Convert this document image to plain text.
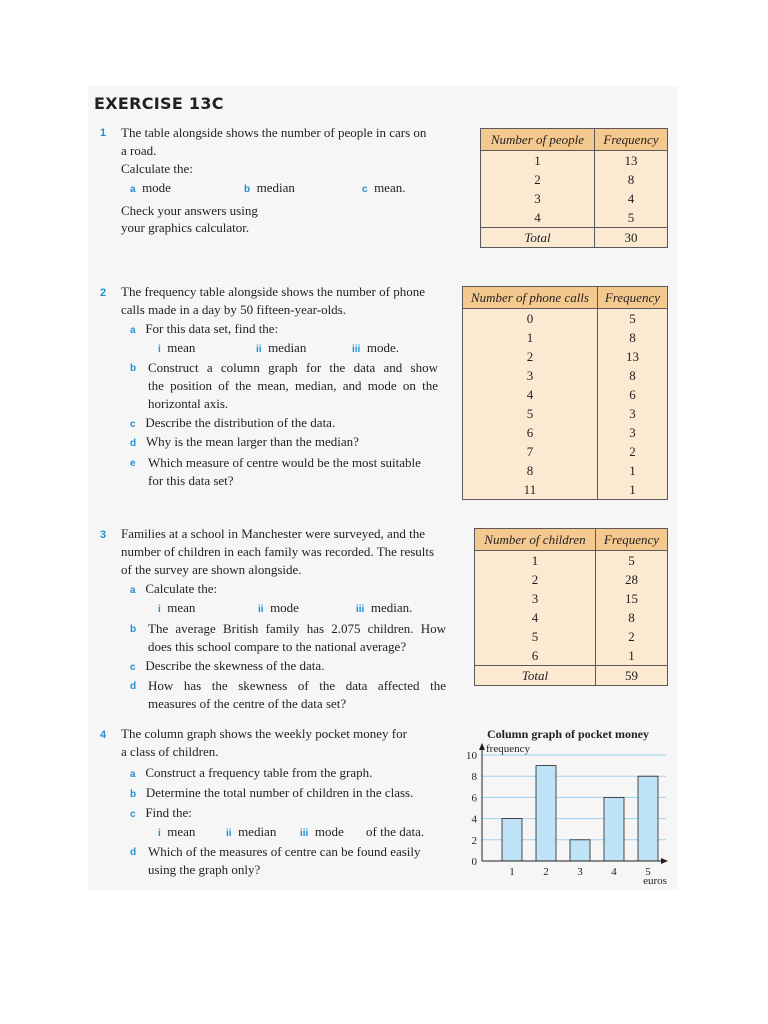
EXERCISE 13C
1 The table alongside shows the number of people in cars on
a road.
Calculate the:
a mode	b median	c mean.
Check your answers using
your graphics calculator.
Number of people	Frequency
1	13
2	8
3	4
4	5
Total	30
2 The frequency table alongside shows the number of phone
calls made in a day by 50 fifteen-year-olds.
a For this data set, find the:
i mean	ii median	iii mode.
b Construct a column graph for the data and show
the position of the mean, median, and mode on the
horizontal axis.
c Describe the distribution of the data.
d Why is the mean larger than the median?
e Which measure of centre would be the most suitable
for this data set?
Number of phone calls	Frequency
0	5
1	8
2	13
3	8
4	6
5	3
6	3
7	2
8	1
11	1
3 Families at a school in Manchester were surveyed, and the
number of children in each family was recorded. The results
of the survey are shown alongside.
a Calculate the:
i mean	ii mode	iii median.
b The average British family has 2.075 children. How
does this school compare to the national average?
c Describe the skewness of the data.
d How has the skewness of the data affected the
measures of the centre of the data set?
Number of children	Frequency
1	5
2	28
3	15
4	8
5	2
6	1
Total	59
4 The column graph shows the weekly pocket money for
a class of children.
a Construct a frequency table from the graph.
b Determine the total number of children in the class.
c Find the:
i mean	ii median iii mode of the data.
d Which of the measures of centre can be found easily
using the graph only?
Column graph of pocket money
0
2
4
6
8
10
1	2	3	4	5
frequency
euros
